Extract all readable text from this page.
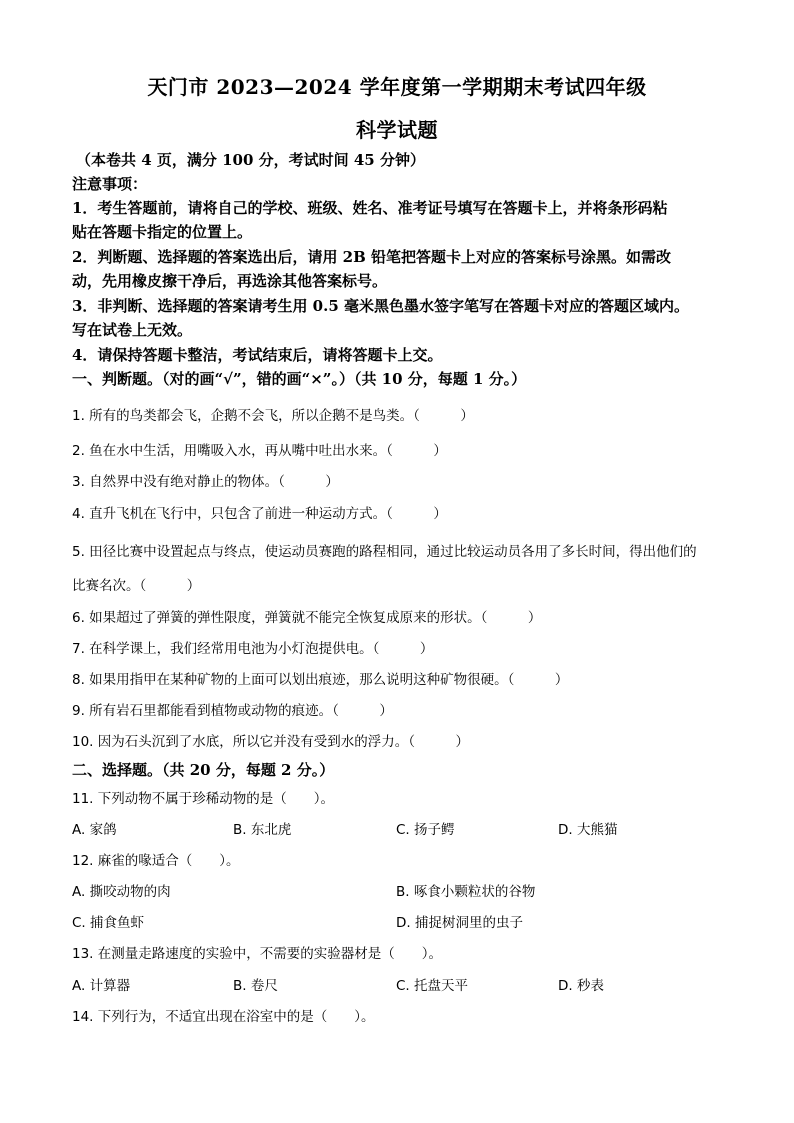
天门市 2023—2024 学年度第一学期期末考试四年级
科学试题
（本卷共 4 页，满分 100 分，考试时间 45 分钟）
注意事项：
1．考生答题前，请将自己的学校、班级、姓名、准考证号填写在答题卡上，并将条形码粘
贴在答题卡指定的位置上。
2．判断题、选择题的答案选出后，请用 2B 铅笔把答题卡上对应的答案标号涂黑。如需改
动，先用橡皮擦干净后，再选涂其他答案标号。
3．非判断、选择题的答案请考生用 0.5 毫米黑色墨水签字笔写在答题卡对应的答题区域内。
写在试卷上无效。
4．请保持答题卡整洁，考试结束后，请将答题卡上交。
一、判断题。（对的画“√”，错的画“×”。）（共 10 分，每题 1 分。）
1. 所有的鸟类都会飞，企鹅不会飞，所以企鹅不是鸟类。（　　　）
2. 鱼在水中生活，用嘴吸入水，再从嘴中吐出水来。（　　　）
3. 自然界中没有绝对静止的物体。（　　　）
4. 直升飞机在飞行中，只包含了前进一种运动方式。（　　　）
5. 田径比赛中设置起点与终点，使运动员赛跑的路程相同，通过比较运动员各用了多长时间，得出他们的
比赛名次。（　　　）
6. 如果超过了弹簧的弹性限度，弹簧就不能完全恢复成原来的形状。（　　　）
7. 在科学课上，我们经常用电池为小灯泡提供电。（　　　）
8. 如果用指甲在某种矿物的上面可以划出痕迹，那么说明这种矿物很硬。（　　　）
9. 所有岩石里都能看到植物或动物的痕迹。（　　　）
10. 因为石头沉到了水底，所以它并没有受到水的浮力。（　　　）
二、选择题。（共 20 分，每题 2 分。）
11. 下列动物不属于珍稀动物的是（　　）。
A. 家鸽	B. 东北虎	C. 扬子鳄	D. 大熊猫
12. 麻雀的喙适合（　　）。
A. 撕咬动物的肉	B. 啄食小颗粒状的谷物
C. 捕食鱼虾	D. 捕捉树洞里的虫子
13. 在测量走路速度的实验中，不需要的实验器材是（　　）。
A. 计算器	B. 卷尺	C. 托盘天平	D. 秒表
14. 下列行为，不适宜出现在浴室中的是（　　）。
